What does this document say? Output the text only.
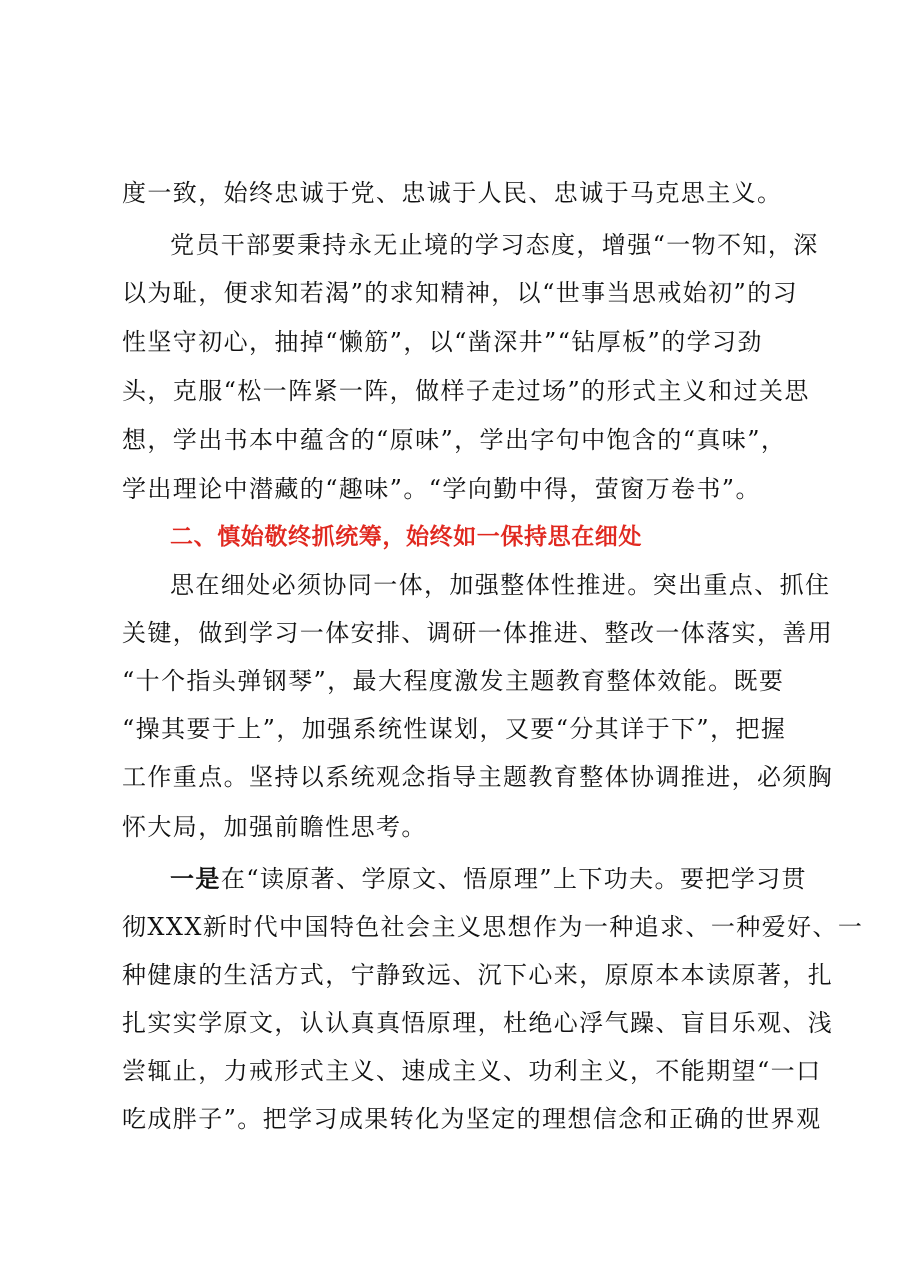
度一致，始终忠诚于党、忠诚于人民、忠诚于马克思主义。
党员干部要秉持永无止境的学习态度，增强“一物不知，深
以为耻，便求知若渴”的求知精神，以“世事当思戒始初”的习
性坚守初心，抽掉“懒筋”，以“凿深井”“钻厚板”的学习劲
头，克服“松一阵紧一阵，做样子走过场”的形式主义和过关思
想，学出书本中蕴含的“原味”，学出字句中饱含的“真味”，
学出理论中潜藏的“趣味”。“学向勤中得，萤窗万卷书”。
二、慎始敬终抓统筹，始终如一保持思在细处
思在细处必须协同一体，加强整体性推进。突出重点、抓住
关键，做到学习一体安排、调研一体推进、整改一体落实，善用
“十个指头弹钢琴”，最大程度激发主题教育整体效能。既要
“操其要于上”，加强系统性谋划，又要“分其详于下”，把握
工作重点。坚持以系统观念指导主题教育整体协调推进，必须胸
怀大局，加强前瞻性思考。
一是在“读原著、学原文、悟原理”上下功夫。要把学习贯
彻XXX新时代中国特色社会主义思想作为一种追求、一种爱好、一
种健康的生活方式，宁静致远、沉下心来，原原本本读原著，扎
扎实实学原文，认认真真悟原理，杜绝心浮气躁、盲目乐观、浅
尝辄止，力戒形式主义、速成主义、功利主义，不能期望“一口
吃成胖子”。把学习成果转化为坚定的理想信念和正确的世界观
